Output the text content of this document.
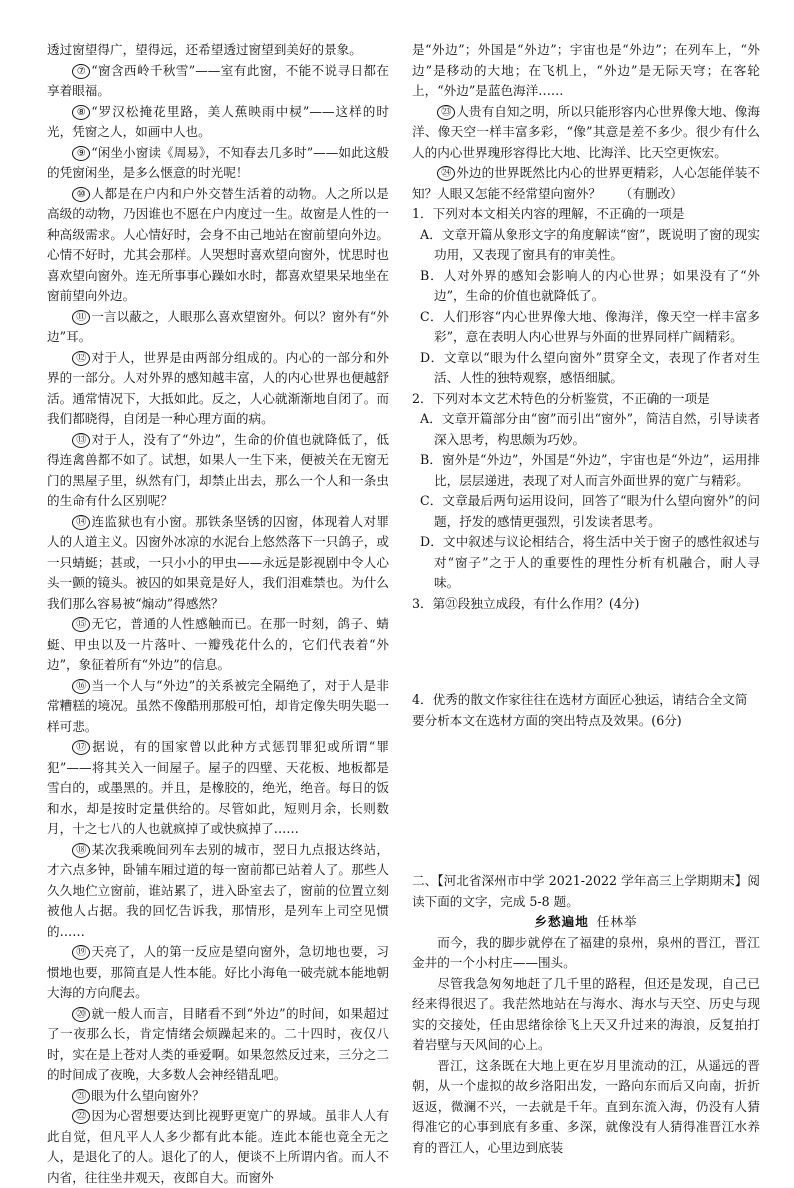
透过窗望得广，望得远，还希望透过窗望到美好的景象。

⑦ “窗含西岭千秋雪”——室有此窗，不能不说寻日都在享着眼福。

⑧ “罗汉松掩花里路，美人蕉映雨中棂”——这样的时光，凭窗之人，如画中人也。

⑨ “闲坐小窗读《周易》，不知春去几多时”——如此这般的凭窗闲坐，是多么惬意的时光呢！

⑩ 人都是在户内和户外交替生活着的动物。人之所以是高级的动物，乃因谁也不愿在户内度过一生。故窗是人性的一种高级需求。人心情好时，会身不由己地站在窗前望向外边。心情不好时，尤其会那样。人哭想时喜欢望向窗外，忧思时也喜欢望向窗外。连无所事事心躁如水时，都喜欢望果呆地坐在窗前望向外边。

⑪ 一言以蔽之，人眼那么喜欢望窗外。何以？窗外有“外边”耳。

⑫ 对于人，世界是由两部分组成的。内心的一部分和外界的一部分。人对外界的感知越丰富，人的内心世界也便越舒活。通常情况下，大抵如此。反之，人心就渐渐地自闭了。而我们都晓得，自闭是一种心理方面的病。

⑬ 对于人，没有了“外边”，生命的价值也就降低了，低得连禽兽都不如了。试想，如果人一生下来，便被关在无窗无门的黑屋子里，纵然有门，却禁止出去，那么一个人和一条虫的生命有什么区别呢？

⑭ 连监狱也有小窗。那铁条坚锈的囚窗，体现着人对罪人的人道主义。囚窗外冰凉的水泥台上悠然落下一只鸽子，或一只蜻蜓；甚或，一只小小的甲虫——永远是影视剧中令人心头一颤的镜头。被囚的如果竟是好人，我们泪难禁也。为什么我们那么容易被“煽动”得感然？

⑮ 无它，普通的人性感触而已。在那一时刻，鸽子、蜻蜓、甲虫以及一片落叶、一瓣残花什么的，它们代表着“外边”，象征着所有“外边”的信息。

⑯ 当一个人与“外边”的关系被完全隔绝了，对于人是非常糟糕的境况。虽然不像酷刑那般可怕，却肯定像失明失聪一样可悲。

⑰ 据说，有的国家曾以此种方式惩罚罪犯或所谓“罪犯”——将其关入一间屋子。屋子的四壁、天花板、地板都是雪白的，或墨黑的。并且，是橡胶的，绝光，绝音。每日的饭和水，却是按时定量供给的。尽管如此，短则月余，长则数月，十之七八的人也就疯掉了或快疯掉了……

⑱ 某次我乘晚间列车去别的城市，翌日九点报达终站，才六点多钟，卧铺车厢过道的每一窗前都已站着人了。那些人久久地伫立窗前，谁站累了，进入卧室去了，窗前的位置立刻被他人占据。我的回忆告诉我，那情形，是列车上司空见惯的……

⑲ 天亮了，人的第一反应是望向窗外，急切地也要，习惯地也要，那简直是人性本能。好比小海龟一破壳就本能地朝大海的方向爬去。

⑳ 就一般人而言，目睹看不到“外边”的时间，如果超过了一夜那么长，肯定情绪会烦躁起来的。二十四时，夜仅八时，实在是上苍对人类的垂爱啊。如果忽然反过来，三分之二的时间成了夜晚，大多数人会神经错乱吧。

㉑ 眼为什么望向窗外？

㉒ 因为心習想要达到比视野更宽广的界域。虽非人人有此自觉，但凡平人人多少都有此本能。连此本能也竟全无之人，是退化了的人。退化了的人，便谈不上所谓内省。而人不内省，往往坐井观天，夜郎自大。而窗外

是“外边”；外国是“外边”；宇宙也是“外边”；在列车上，“外边”是移动的大地；在飞机上，“外边”是无际天穹；在客轮上，“外边”是蓝色海洋……

㉓ 人贵有自知之明，所以只能形容内心世界像大地、像海洋、像天空一样丰富多彩，“像”其意是差不多少。很少有什么人的内心世界瑰形容得比大地、比海洋、比天空更恢宏。

㉔ 外边的世界既然比内心的世界更精彩，人心怎能佯装不知？人眼又怎能不经常望向窗外？　　（有删改）

1．下列对本文相关内容的理解，不正确的一项是

A．文章开篇从象形文字的角度解读“窗”，既说明了窗的现实功用，又表现了窗具有的审美性。

B．人对外界的感知会影响人的内心世界；如果没有了“外边”，生命的价值也就降低了。

C．人们形容“内心世界像大地、像海洋，像天空一样丰富多彩”，意在表明人内心世界与外面的世界同样广阔精彩。

D．文章以“眼为什么望向窗外”贯穿全文，表现了作者对生活、人性的独特观察，感悟细腻。

2．下列对本文艺术特色的分析鉴赏，不正确的一项是

A．文章开篇部分由“窗”而引出“窗外”，简洁自然，引导读者深入思考，构思颇为巧妙。

B．窗外是“外边”，外国是“外边”，宇宙也是“外边”，运用排比，层层递进，表现了对人而言外面世界的宽广与精彩。

C．文章最后两句运用设问，回答了“眼为什么望向窗外”的问题，抒发的感情更强烈，引发读者思考。

D．文中叙述与议论相结合，将生活中关于窗子的感性叙述与对“窗子”之于人的重要性的理性分析有机融合，耐人寻味。

3．第㉑段独立成段，有什么作用？(4分)

4．优秀的散文作家往往在选材方面匠心独运，请结合全文简要分析本文在选材方面的突出特点及效果。(6分)

二、【河北省深州市中学 2021-2022 学年高三上学期期末】阅读下面的文字，完成 5-8 题。

乡愁遍地 任林举

而今，我的脚步就停在了福建的泉州，泉州的晋江，晋江金井的一个小村庄——围头。

尽管我急匆匆地赶了几千里的路程，但还是发现，自己已经来得很迟了。我茫然地站在与海水、海水与天空、历史与现实的交接处，任由思绪徐徐飞上天又升过来的海浪，反复拍打着岩壁与天风间的心上。

晋江，这条既在大地上更在岁月里流动的江，从遥远的晋朝，从一个虚拟的故乡洛阳出发，一路向东而后又向南，折折返返，微澜不兴，一去就是千年。直到东流入海，仍没有人猜得准它的心事到底有多重、多深，就像没有人猜得准晋江水养育的晋江人，心里边到底装
